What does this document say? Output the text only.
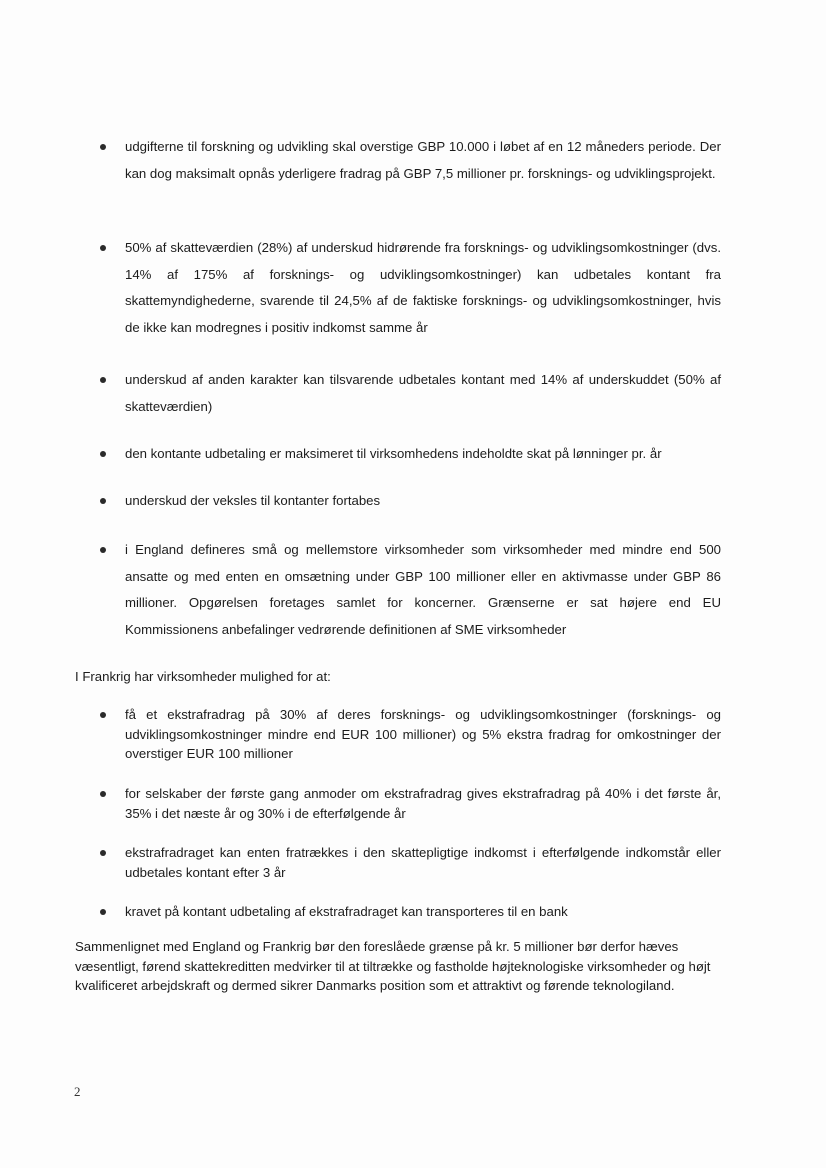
udgifterne til forskning og udvikling skal overstige GBP 10.000 i løbet af en 12 måneders periode. Der kan dog maksimalt opnås yderligere fradrag på GBP 7,5 millioner pr. forsknings- og udviklingsprojekt.

50% af skatteværdien (28%) af underskud hidrørende fra forsknings- og udviklingsomkostninger (dvs. 14% af 175% af forsknings- og udviklingsomkostninger) kan udbetales kontant fra skattemyndighederne, svarende til 24,5% af de faktiske forsknings- og udviklingsomkostninger, hvis de ikke kan modregnes i positiv indkomst samme år

underskud af anden karakter kan tilsvarende udbetales kontant med 14% af underskuddet (50% af skatteværdien)

den kontante udbetaling er maksimeret til virksomhedens indeholdte skat på lønninger pr. år

underskud der veksles til kontanter fortabes

i England defineres små og mellemstore virksomheder som virksomheder med mindre end 500 ansatte og med enten en omsætning under GBP 100 millioner eller en aktivmasse under GBP 86 millioner. Opgørelsen foretages samlet for koncerner. Grænserne er sat højere end EU Kommissionens anbefalinger vedrørende definitionen af SME virksomheder

I Frankrig har virksomheder mulighed for at:

få et ekstrafradrag på 30% af deres forsknings- og udviklingsomkostninger (forsknings- og udviklingsomkostninger mindre end EUR 100 millioner) og 5% ekstra fradrag for omkostninger der overstiger EUR 100 millioner

for selskaber der første gang anmoder om ekstrafradrag gives ekstrafradrag på 40% i det første år, 35% i det næste år og 30% i de efterfølgende år

ekstrafradraget kan enten fratrækkes i den skattepligtige indkomst i efterfølgende indkomstår eller udbetales kontant efter 3 år

kravet på kontant udbetaling af ekstrafradraget kan transporteres til en bank

Sammenlignet med England og Frankrig bør den foreslåede grænse på kr. 5 millioner bør derfor hæves væsentligt, førend skattekreditten medvirker til at tiltrække og fastholde højteknologiske virksomheder og højt kvalificeret arbejdskraft og dermed sikrer Danmarks position som et attraktivt og førende teknologiland.

2
